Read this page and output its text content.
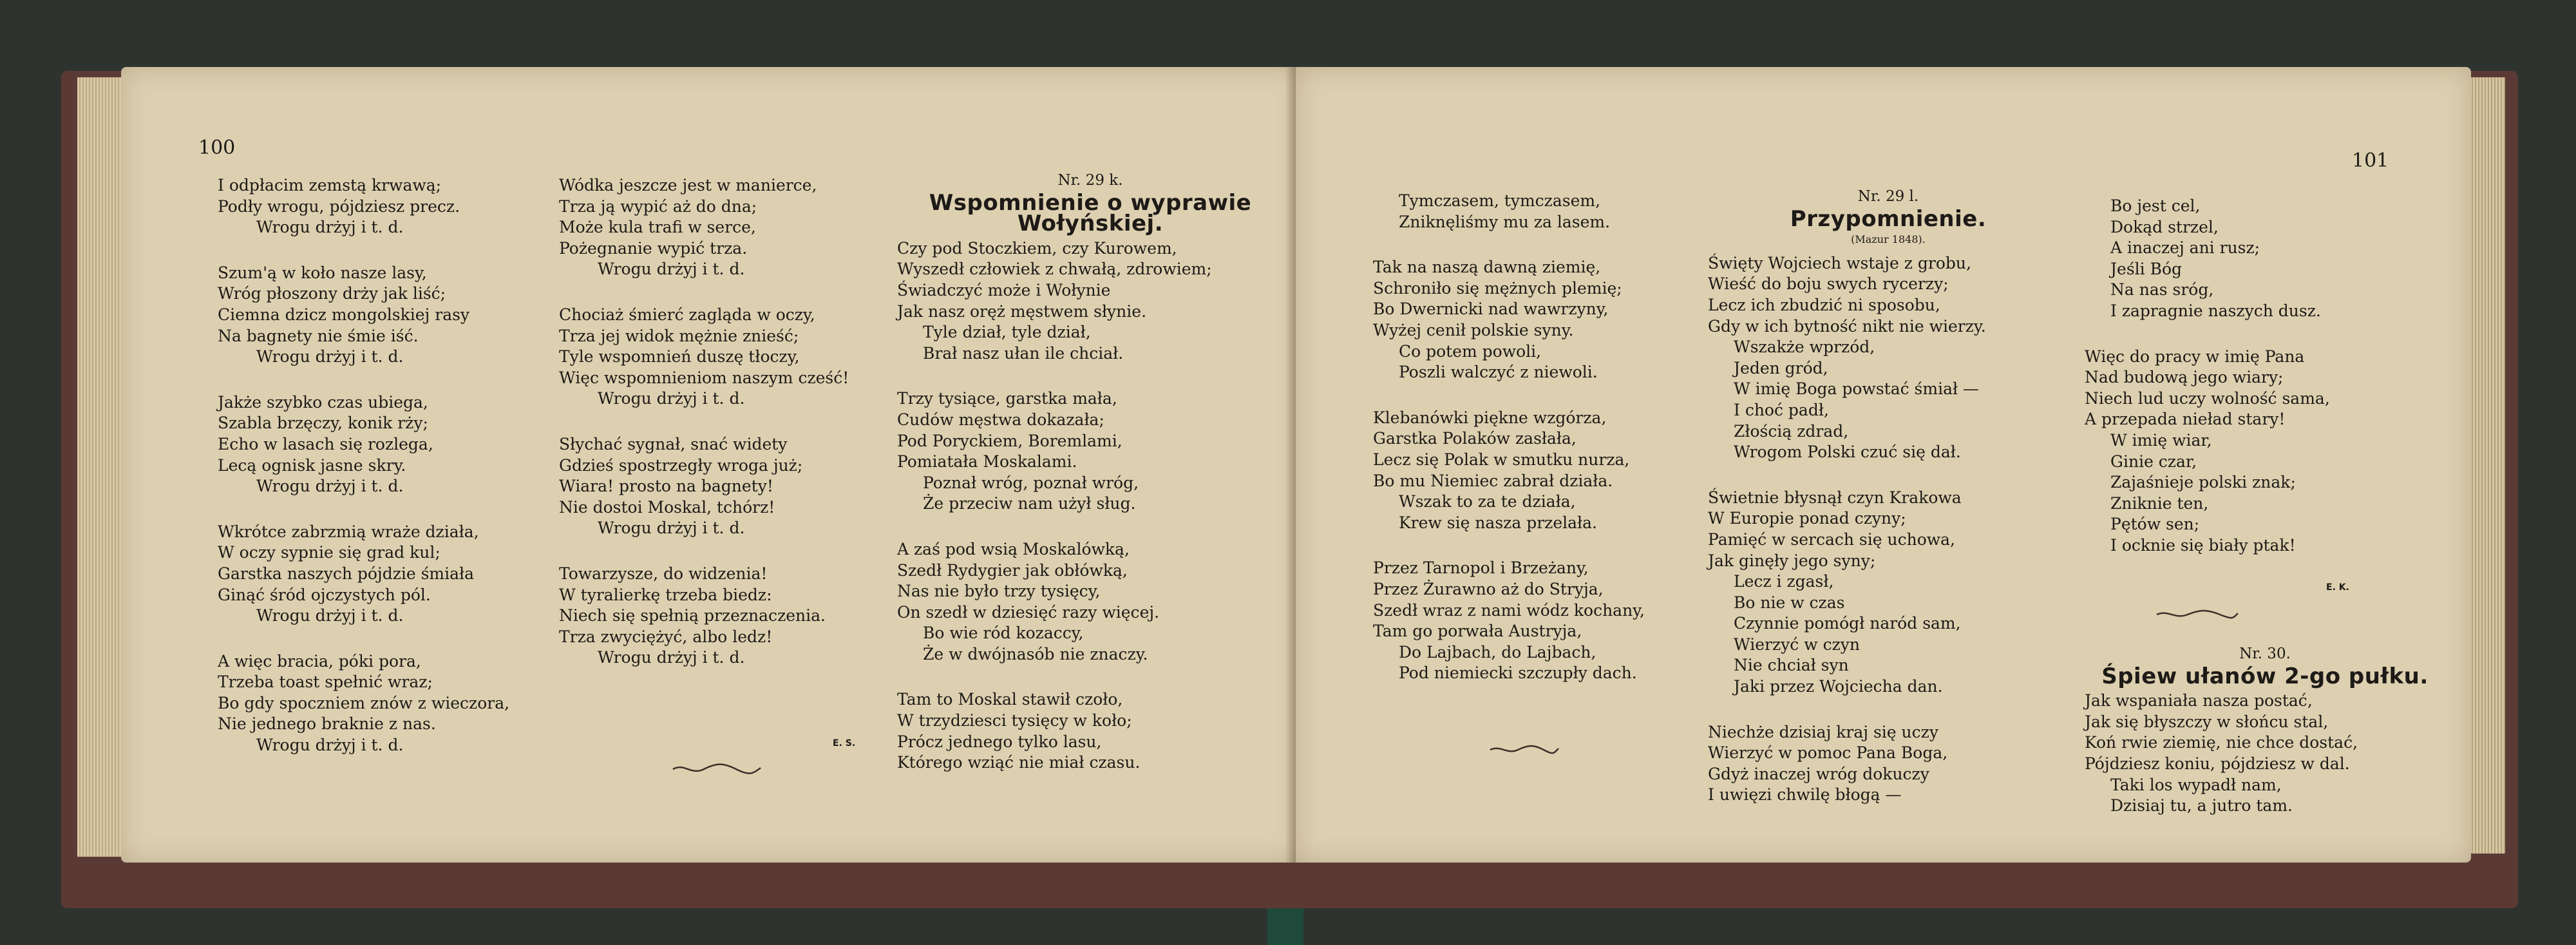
100
I odpłacim zemstą krwawą;
Podły wrogu, pójdziesz precz.
Wrogu drżyj i t. d.
Szum'ą w koło nasze lasy,
Wróg płoszony drży jak liść;
Ciemna dzicz mongolskiej rasy
Na bagnety nie śmie iść.
Wrogu drżyj i t. d.
Jakże szybko czas ubiega,
Szabla brzęczy, konik rży;
Echo w lasach się rozlega,
Lecą ognisk jasne skry.
Wrogu drżyj i t. d.
Wkrótce zabrzmią wraże działa,
W oczy sypnie się grad kul;
Garstka naszych pójdzie śmiała
Ginąć śród ojczystych pól.
Wrogu drżyj i t. d.
A więc bracia, póki pora,
Trzeba toast spełnić wraz;
Bo gdy spoczniem znów z wieczora,
Nie jednego braknie z nas.
Wrogu drżyj i t. d.
Wódka jeszcze jest w manierce,
Trza ją wypić aż do dna;
Może kula trafi w serce,
Pożegnanie wypić trza.
Wrogu drżyj i t. d.
Chociaż śmierć zagląda w oczy,
Trza jej widok mężnie znieść;
Tyle wspomnień duszę tłoczy,
Więc wspomnieniom naszym cześć!
Wrogu drżyj i t. d.
Słychać sygnał, snać widety
Gdzieś spostrzegły wroga już;
Wiara! prosto na bagnety!
Nie dostoi Moskal, tchórz!
Wrogu drżyj i t. d.
Towarzysze, do widzenia!
W tyralierkę trzeba biedz:
Niech się spełnią przeznaczenia.
Trza zwyciężyć, albo ledz!
Wrogu drżyj i t. d.
E. S.
Nr. 29 k.
Wspomnienie o wyprawie Wołyńskiej.
Czy pod Stoczkiem, czy Kurowem,
Wyszedł człowiek z chwałą, zdrowiem;
Świadczyć może i Wołynie
Jak nasz oręż męstwem słynie.
Tyle dział, tyle dział,
Brał nasz ułan ile chciał.
Trzy tysiące, garstka mała,
Cudów męstwa dokazała;
Pod Poryckiem, Boremlami,
Pomiatała Moskalami.
Poznał wróg, poznał wróg,
Że przeciw nam użył sług.
A zaś pod wsią Moskalówką,
Szedł Rydygier jak obłówką,
Nas nie było trzy tysięcy,
On szedł w dziesięć razy więcej.
Bo wie ród kozaccy,
Że w dwójnasób nie znaczy.
Tam to Moskal stawił czoło,
W trzydziesci tysięcy w koło;
Prócz jednego tylko lasu,
Którego wziąć nie miał czasu.
101
Tymczasem, tymczasem,
Zniknęliśmy mu za lasem.
Tak na naszą dawną ziemię,
Schroniło się mężnych plemię;
Bo Dwernicki nad wawrzyny,
Wyżej cenił polskie syny.
Co potem powoli,
Poszli walczyć z niewoli.
Klebanówki piękne wzgórza,
Garstka Polaków zasłała,
Lecz się Polak w smutku nurza,
Bo mu Niemiec zabrał działa.
Wszak to za te działa,
Krew się nasza przelała.
Przez Tarnopol i Brzeżany,
Przez Żurawno aż do Stryja,
Szedł wraz z nami wódz kochany,
Tam go porwała Austryja,
Do Lajbach, do Lajbach,
Pod niemiecki szczupły dach.
Nr. 29 l.
Przypomnienie.
(Mazur 1848).
Święty Wojciech wstaje z grobu,
Wieść do boju swych rycerzy;
Lecz ich zbudzić ni sposobu,
Gdy w ich bytność nikt nie wierzy.
Wszakże wprzód,
Jeden gród,
W imię Boga powstać śmiał —
I choć padł,
Złością zdrad,
Wrogom Polski czuć się dał.
Świetnie błysnął czyn Krakowa
W Europie ponad czyny;
Pamięć w sercach się uchowa,
Jak ginęły jego syny;
Lecz i zgasł,
Bo nie w czas
Czynnie pomógł naród sam,
Wierzyć w czyn
Nie chciał syn
Jaki przez Wojciecha dan.
Niechże dzisiaj kraj się uczy
Wierzyć w pomoc Pana Boga,
Gdyż inaczej wróg dokuczy
I uwięzi chwilę błogą —
Bo jest cel,
Dokąd strzel,
A inaczej ani rusz;
Jeśli Bóg
Na nas srόg,
I zapragnie naszych dusz.
Więc do pracy w imię Pana
Nad budową jego wiary;
Niech lud uczy wolność sama,
A przepada nieład stary!
W imię wiar,
Ginie czar,
Zajaśnieje polski znak;
Zniknie ten,
Pętów sen;
I ocknie się biały ptak!
E. K.
Nr. 30.
Śpiew ułanów 2-go pułku.
Jak wspaniała nasza postać,
Jak się błyszczy w słońcu stal,
Koń rwie ziemię, nie chce dostać,
Pójdziesz koniu, pójdziesz w dal.
Taki los wypadł nam,
Dzisiaj tu, a jutro tam.
